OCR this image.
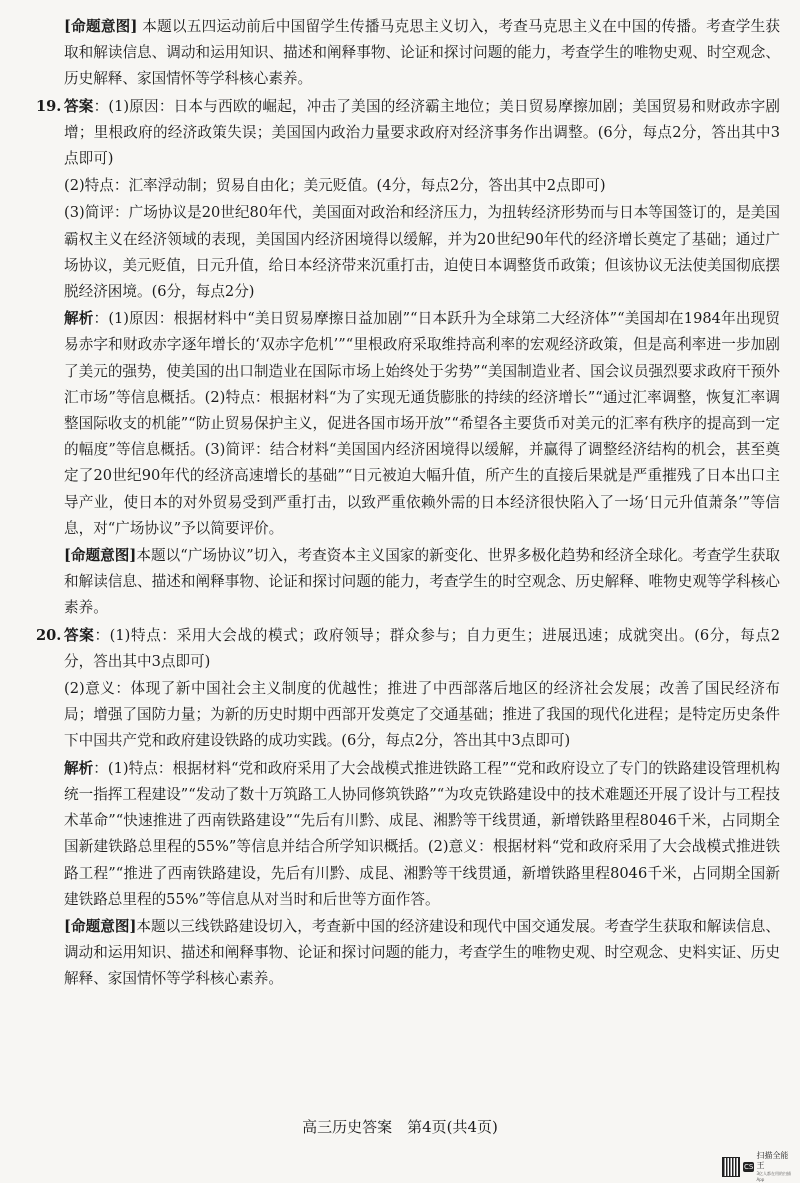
[命题意图] 本题以五四运动前后中国留学生传播马克思主义切入，考查马克思主义在中国的传播。考查学生获取和解读信息、调动和运用知识、描述和阐释事物、论证和探讨问题的能力，考查学生的唯物史观、时空观念、历史解释、家国情怀等学科核心素养。

19. 答案：(1)原因：日本与西欧的崛起，冲击了美国的经济霸主地位；美日贸易摩擦加剧；美国贸易和财政赤字剧增；里根政府的经济政策失误；美国国内政治力量要求政府对经济事务作出调整。(6分，每点2分，答出其中3点即可)

(2)特点：汇率浮动制；贸易自由化；美元贬值。(4分，每点2分，答出其中2点即可)

(3)简评：广场协议是20世纪80年代，美国面对政治和经济压力，为扭转经济形势而与日本等国签订的，是美国霸权主义在经济领域的表现，美国国内经济困境得以缓解，并为20世纪90年代的经济增长奠定了基础；通过广场协议，美元贬值，日元升值，给日本经济带来沉重打击，迫使日本调整货币政策；但该协议无法使美国彻底摆脱经济困境。(6分，每点2分)

解析：(1)原因：根据材料中“美日贸易摩擦日益加剧”“日本跃升为全球第二大经济体”“美国却在1984年出现贸易赤字和财政赤字逐年增长的‘双赤字危机’”“里根政府采取维持高利率的宏观经济政策，但是高利率进一步加剧了美元的强势，使美国的出口制造业在国际市场上始终处于劣势”“美国制造业者、国会议员强烈要求政府干预外汇市场”等信息概括。(2)特点：根据材料“为了实现无通货膨胀的持续的经济增长”“通过汇率调整，恢复汇率调整国际收支的机能”“防止贸易保护主义，促进各国市场开放”“希望各主要货币对美元的汇率有秩序的提高到一定的幅度”等信息概括。(3)简评：结合材料“美国国内经济困境得以缓解，并赢得了调整经济结构的机会，甚至奠定了20世纪90年代的经济高速增长的基础”“日元被迫大幅升值，所产生的直接后果就是严重摧残了日本出口主导产业，使日本的对外贸易受到严重打击，以致严重依赖外需的日本经济很快陷入了一场‘日元升值萧条’”等信息，对“广场协议”予以简要评价。

[命题意图]本题以“广场协议”切入，考查资本主义国家的新变化、世界多极化趋势和经济全球化。考查学生获取和解读信息、描述和阐释事物、论证和探讨问题的能力，考查学生的时空观念、历史解释、唯物史观等学科核心素养。

20. 答案：(1)特点：采用大会战的模式；政府领导；群众参与；自力更生；进展迅速；成就突出。(6分，每点2分，答出其中3点即可)

(2)意义：体现了新中国社会主义制度的优越性；推进了中西部落后地区的经济社会发展；改善了国民经济布局；增强了国防力量；为新的历史时期中西部开发奠定了交通基础；推进了我国的现代化进程；是特定历史条件下中国共产党和政府建设铁路的成功实践。(6分，每点2分，答出其中3点即可)

解析：(1)特点：根据材料“党和政府采用了大会战模式推进铁路工程”“党和政府设立了专门的铁路建设管理机构统一指挥工程建设”“发动了数十万筑路工人协同修筑铁路”“为攻克铁路建设中的技术难题还开展了设计与工程技术革命”“快速推进了西南铁路建设”“先后有川黔、成昆、湘黔等干线贯通，新增铁路里程8046千米，占同期全国新建铁路总里程的55%”等信息并结合所学知识概括。(2)意义：根据材料“党和政府采用了大会战模式推进铁路工程”“推进了西南铁路建设，先后有川黔、成昆、湘黔等干线贯通，新增铁路里程8046千米，占同期全国新建铁路总里程的55%”等信息从对当时和后世等方面作答。

[命题意图]本题以三线铁路建设切入，考查新中国的经济建设和现代中国交通发展。考查学生获取和解读信息、调动和运用知识、描述和阐释事物、论证和探讨问题的能力，考查学生的唯物史观、时空观念、史料实证、历史解释、家国情怀等学科核心素养。

高三历史答案　第4页(共4页)
CS
扫描全能王
3亿人都在用的扫描App
